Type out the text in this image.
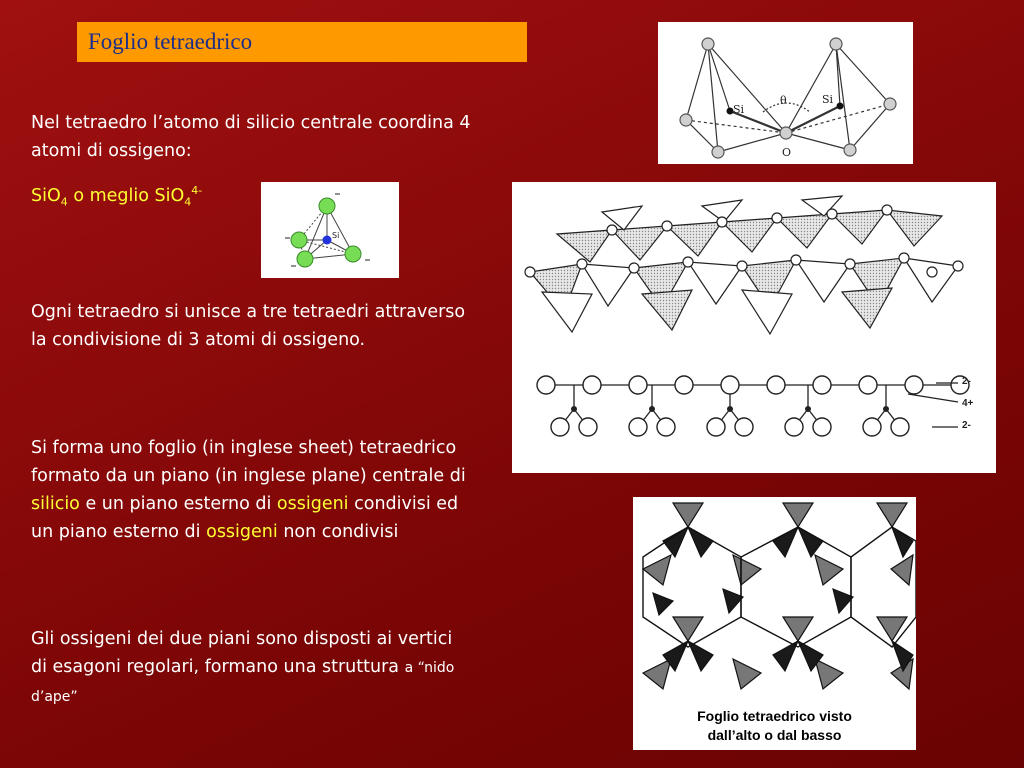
Foglio tetraedrico
Nel tetraedro l’atomo di silicio centrale coordina 4 atomi di ossigeno:
SiO$_4$ o meglio SiO$_4^{4-}$
Ogni tetraedro si unisce a tre tetraedri attraverso la condivisione di 3 atomi di ossigeno.
Si forma uno foglio (in inglese sheet) tetraedrico formato da un piano (in inglese plane) centrale di silicio e un piano esterno di ossigeni condivisi ed un piano esterno di ossigeni non condivisi
Gli ossigeni dei due piani sono disposti ai vertici di esagoni regolari, formano una struttura a “nido d’ape”
Si
Si
θ
O
Si
2-
4+
2-
Foglio tetraedrico visto
dall’alto o dal basso
